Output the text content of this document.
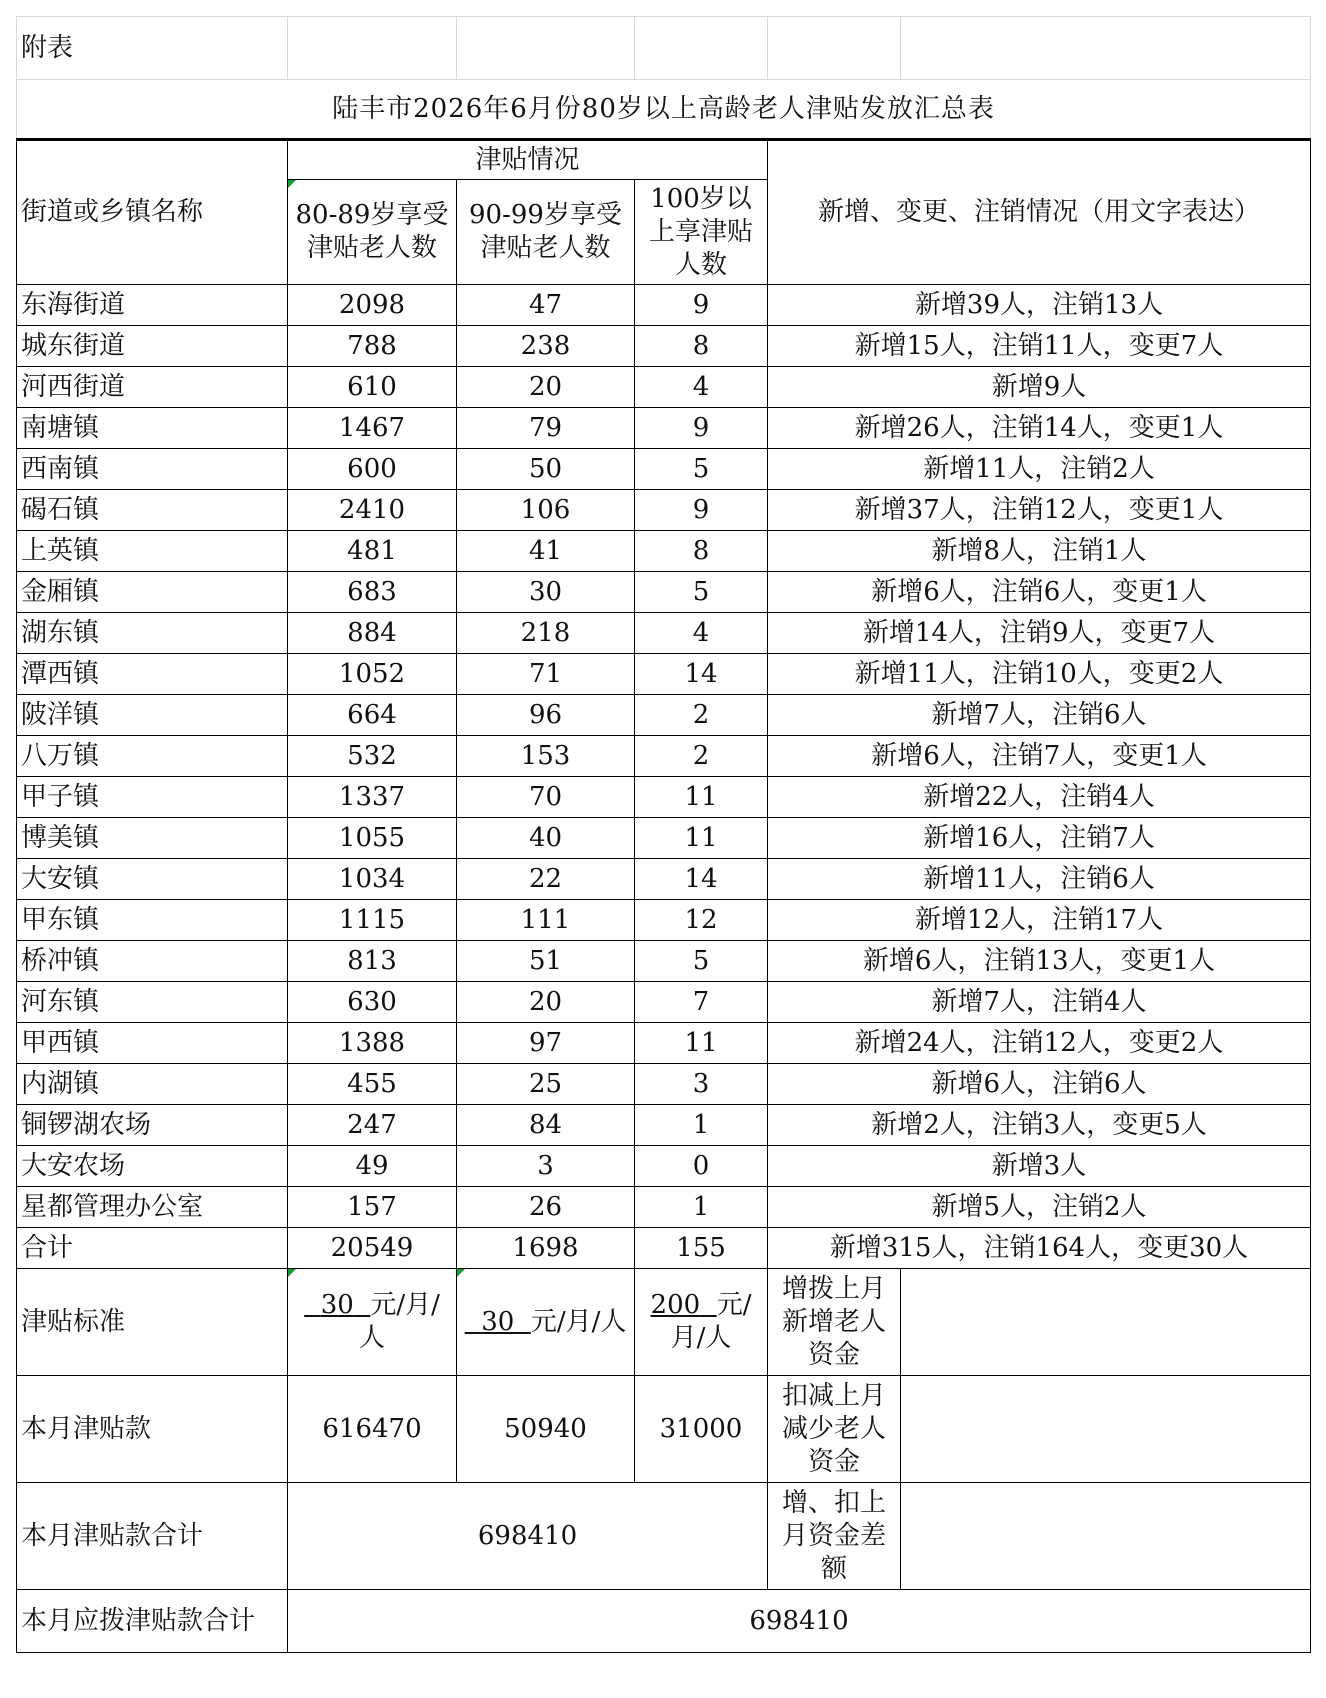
附表					
陆丰市2026年6月份80岁以上高龄老人津贴发放汇总表
街道或乡镇名称	津贴情况			新增、变更、注销情况（用文字表达）	
	80-89岁享受津贴老人数	90-99岁享受津贴老人数	100岁以上享津贴人数		
东海街道	2098	47	9	新增39人，注销13人	
城东街道	788	238	8	新增15人，注销11人，变更7人	
河西街道	610	20	4	新增9人	
南塘镇	1467	79	9	新增26人，注销14人，变更1人	
西南镇	600	50	5	新增11人，注销2人	
碣石镇	2410	106	9	新增37人，注销12人，变更1人	
上英镇	481	41	8	新增8人，注销1人	
金厢镇	683	30	5	新增6人，注销6人，变更1人	
湖东镇	884	218	4	新增14人，注销9人，变更7人	
潭西镇	1052	71	14	新增11人，注销10人，变更2人	
陂洋镇	664	96	2	新增7人，注销6人	
八万镇	532	153	2	新增6人，注销7人，变更1人	
甲子镇	1337	70	11	新增22人，注销4人	
博美镇	1055	40	11	新增16人，注销7人	
大安镇	1034	22	14	新增11人，注销6人	
甲东镇	1115	111	12	新增12人，注销17人	
桥冲镇	813	51	5	新增6人，注销13人，变更1人	
河东镇	630	20	7	新增7人，注销4人	
甲西镇	1388	97	11	新增24人，注销12人，变更2人	
内湖镇	455	25	3	新增6人，注销6人	
铜锣湖农场	247	84	1	新增2人，注销3人，变更5人	
大安农场	49	3	0	新增3人	
星都管理办公室	157	26	1	新增5人，注销2人	
合计	20549	1698	155	新增315人，注销164人，变更30人	
津贴标准	30 元/月/人	30 元/月/人	200 元/月/人	增拨上月新增老人资金	
本月津贴款	616470	50940	31000	扣减上月减少老人资金	
本月津贴款合计	698410			增、扣上月资金差额	
本月应拨津贴款合计	698410				
